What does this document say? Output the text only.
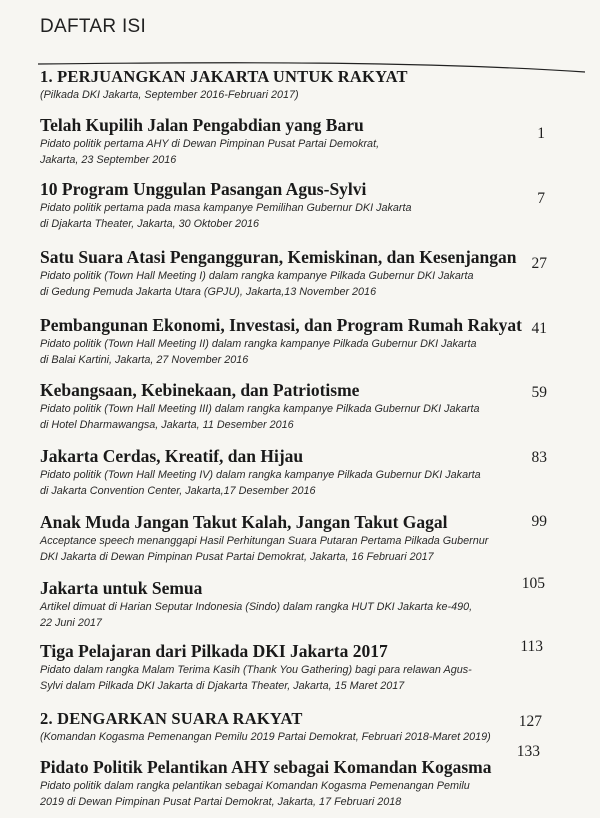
DAFTAR ISI
1. PERJUANGKAN JAKARTA UNTUK RAKYAT
(Pilkada DKI Jakarta, September 2016-Februari 2017)
Telah Kupilih Jalan Pengabdian yang Baru
Pidato politik pertama AHY di Dewan Pimpinan Pusat Partai Demokrat,
Jakarta, 23 September 2016
1
10 Program Unggulan Pasangan Agus-Sylvi
Pidato politik pertama pada masa kampanye Pemilihan Gubernur DKI Jakarta
di Djakarta Theater, Jakarta, 30 Oktober 2016
7
Satu Suara Atasi Pengangguran, Kemiskinan, dan Kesenjangan
Pidato politik (Town Hall Meeting I) dalam rangka kampanye Pilkada Gubernur DKI Jakarta
di Gedung Pemuda Jakarta Utara (GPJU), Jakarta,13 November 2016
27
Pembangunan Ekonomi, Investasi, dan Program Rumah Rakyat
Pidato politik (Town Hall Meeting II) dalam rangka kampanye Pilkada Gubernur DKI Jakarta
di Balai Kartini, Jakarta, 27 November 2016
41
Kebangsaan, Kebinekaan, dan Patriotisme
Pidato politik (Town Hall Meeting III) dalam rangka kampanye Pilkada Gubernur DKI Jakarta
di Hotel Dharmawangsa, Jakarta, 11 Desember 2016
59
Jakarta Cerdas, Kreatif, dan Hijau
Pidato politik (Town Hall Meeting IV) dalam rangka kampanye Pilkada Gubernur DKI Jakarta
di Jakarta Convention Center, Jakarta,17 Desember 2016
83
Anak Muda Jangan Takut Kalah, Jangan Takut Gagal
Acceptance speech menanggapi Hasil Perhitungan Suara Putaran Pertama Pilkada Gubernur
DKI Jakarta di Dewan Pimpinan Pusat Partai Demokrat, Jakarta, 16 Februari 2017
99
Jakarta untuk Semua
Artikel dimuat di Harian Seputar Indonesia (Sindo) dalam rangka HUT DKI Jakarta ke-490,
22 Juni 2017
105
Tiga Pelajaran dari Pilkada DKI Jakarta 2017
Pidato dalam rangka Malam Terima Kasih (Thank You Gathering) bagi para relawan Agus-
Sylvi dalam Pilkada DKI Jakarta di Djakarta Theater, Jakarta, 15 Maret 2017
113
2. DENGARKAN SUARA RAKYAT
(Komandan Kogasma Pemenangan Pemilu 2019 Partai Demokrat, Februari 2018-Maret 2019)
127
Pidato Politik Pelantikan AHY sebagai Komandan Kogasma
Pidato politik dalam rangka pelantikan sebagai Komandan Kogasma Pemenangan Pemilu
2019 di Dewan Pimpinan Pusat Partai Demokrat, Jakarta, 17 Februari 2018
133
